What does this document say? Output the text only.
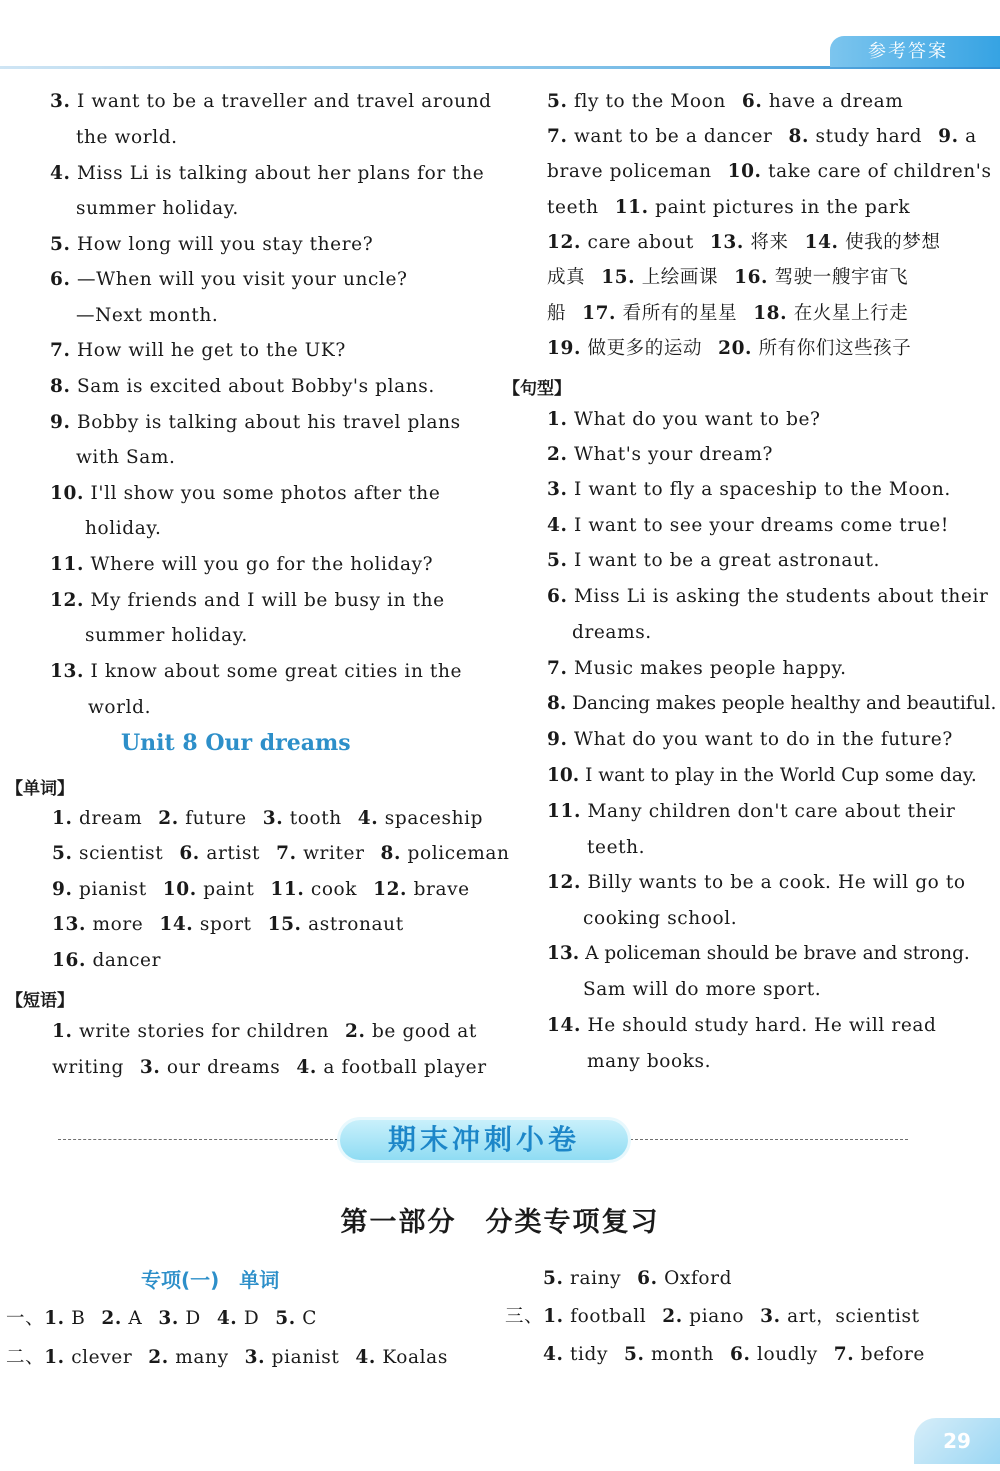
参考答案
3. I want to be a traveller and travel around
the world.
4. Miss Li is talking about her plans for the
summer holiday.
5. How long will you stay there?
6. —When will you visit your uncle?
—Next month.
7. How will he get to the UK?
8. Sam is excited about Bobby's plans.
9. Bobby is talking about his travel plans
with Sam.
10. I'll show you some photos after the
holiday.
11. Where will you go for the holiday?
12. My friends and I will be busy in the
summer holiday.
13. I know about some great cities in the
world.
Unit 8 Our dreams
【单词】
1. dream 2. future 3. tooth 4. spaceship
5. scientist 6. artist 7. writer 8. policeman
9. pianist 10. paint 11. cook 12. brave
13. more 14. sport 15. astronaut
16. dancer
【短语】
1. write stories for children 2. be good at
writing 3. our dreams 4. a football player
5. fly to the Moon 6. have a dream
7. want to be a dancer 8. study hard 9. a
brave policeman 10. take care of children's
teeth 11. paint pictures in the park
12. care about 13. 将来 14. 使我的梦想
成真 15. 上绘画课 16. 驾驶一艘宇宙飞
船 17. 看所有的星星 18. 在火星上行走
19. 做更多的运动 20. 所有你们这些孩子
【句型】
1. What do you want to be?
2. What's your dream?
3. I want to fly a spaceship to the Moon.
4. I want to see your dreams come true!
5. I want to be a great astronaut.
6. Miss Li is asking the students about their
dreams.
7. Music makes people happy.
8. Dancing makes people healthy and beautiful.
9. What do you want to do in the future?
10. I want to play in the World Cup some day.
11. Many children don't care about their
teeth.
12. Billy wants to be a cook. He will go to
cooking school.
13. A policeman should be brave and strong.
Sam will do more sport.
14. He should study hard. He will read
many books.
期末冲刺小卷
第一部分　分类专项复习
专项(一)　单词
一、1. B 2. A 3. D 4. D 5. C
二、1. clever 2. many 3. pianist 4. Koalas
5. rainy 6. Oxford
三、1. football 2. piano 3. art，scientist
4. tidy 5. month 6. loudly 7. before
29
